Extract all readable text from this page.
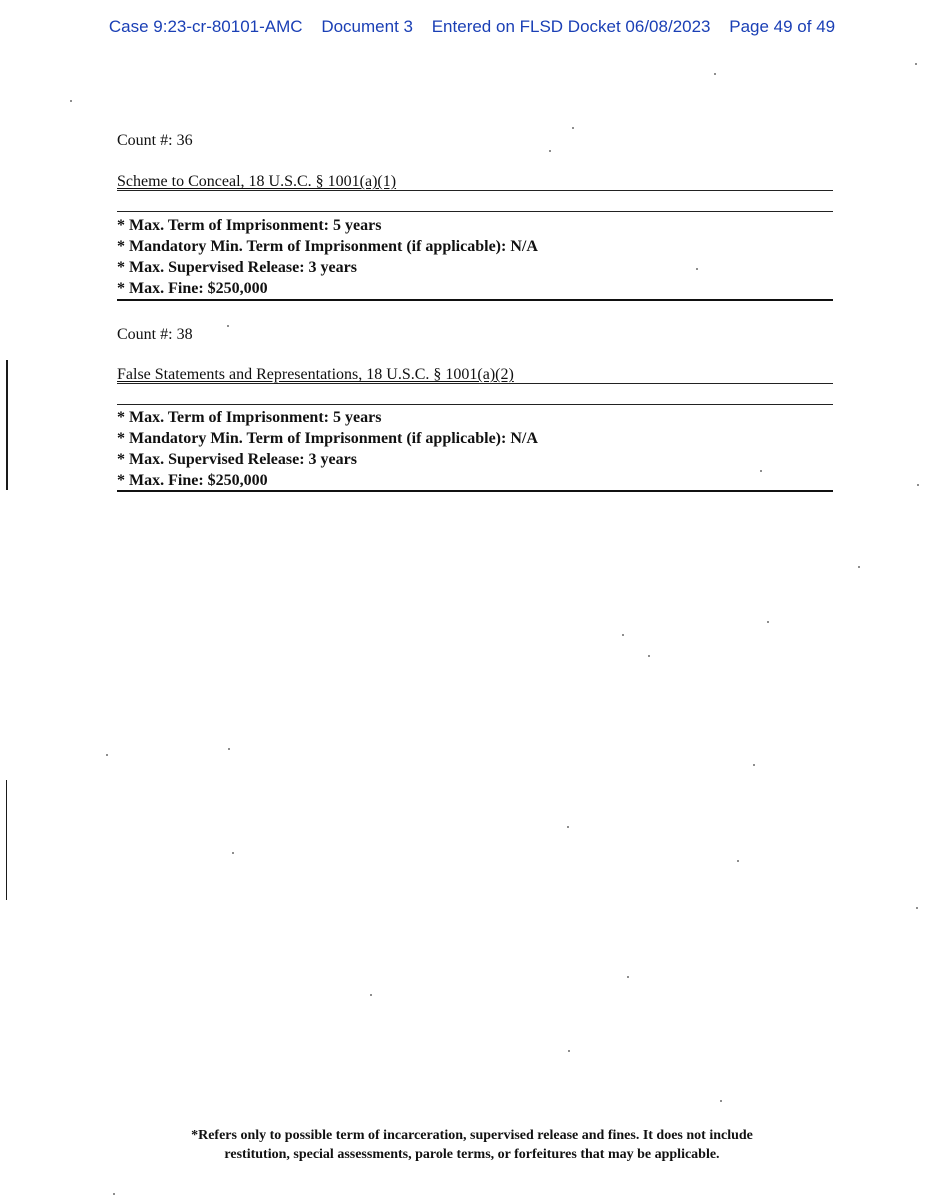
Case 9:23-cr-80101-AMC Document 3 Entered on FLSD Docket 06/08/2023 Page 49 of 49
Count #: 36
Scheme to Conceal, 18 U.S.C. § 1001(a)(1)
* Max. Term of Imprisonment: 5 years
* Mandatory Min. Term of Imprisonment (if applicable): N/A
* Max. Supervised Release: 3 years
* Max. Fine: $250,000
Count #: 38
False Statements and Representations, 18 U.S.C. § 1001(a)(2)
* Max. Term of Imprisonment: 5 years
* Mandatory Min. Term of Imprisonment (if applicable): N/A
* Max. Supervised Release: 3 years
* Max. Fine: $250,000
*Refers only to possible term of incarceration, supervised release and fines. It does not include
restitution, special assessments, parole terms, or forfeitures that may be applicable.
